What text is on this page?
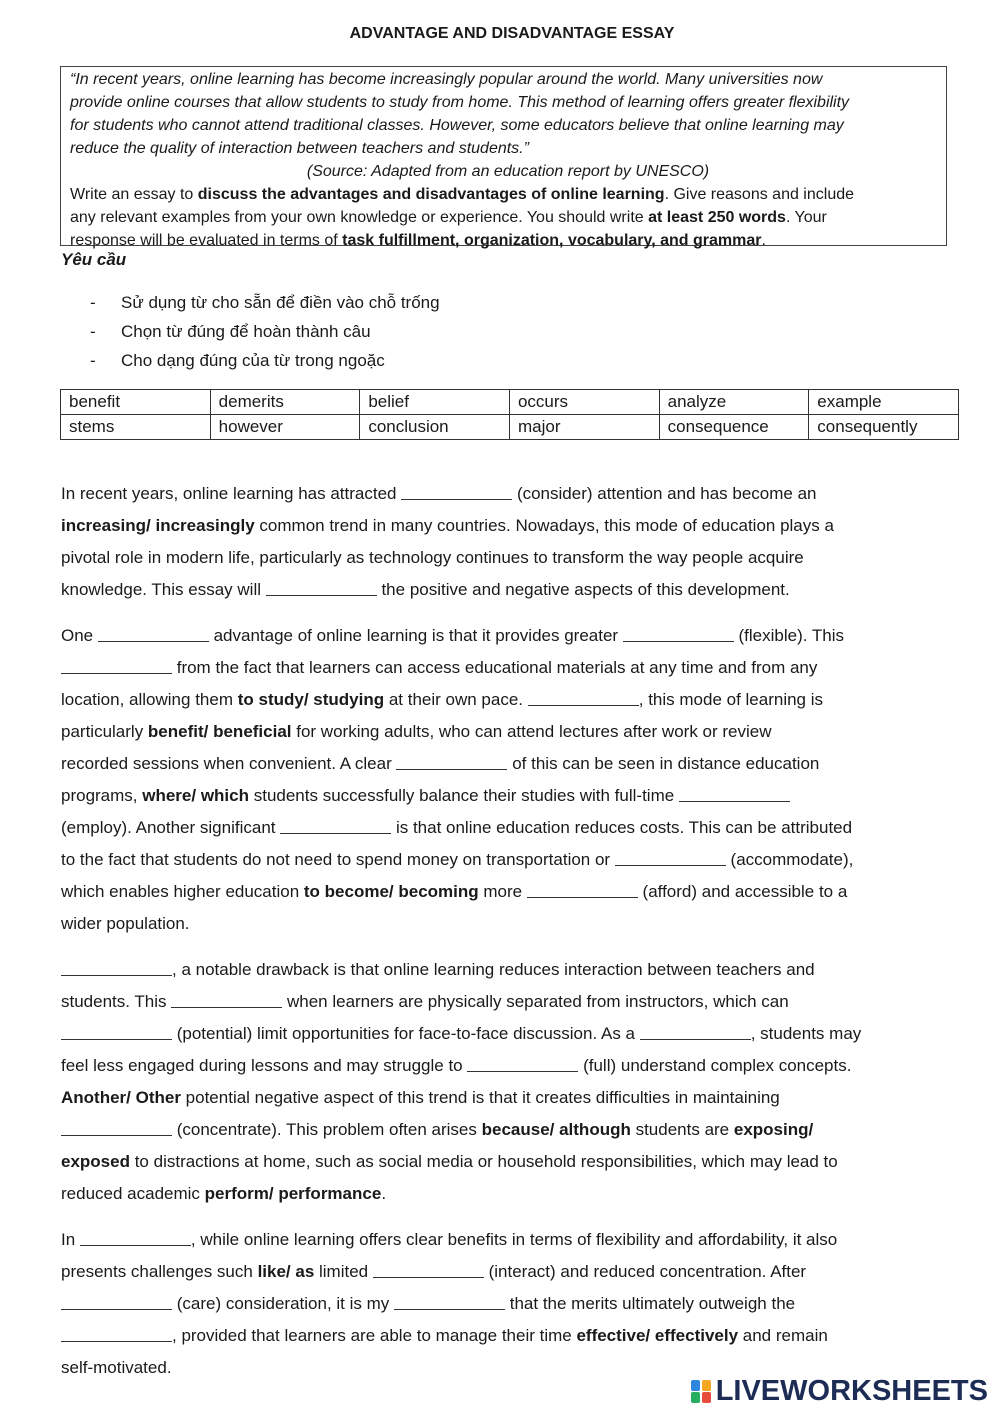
ADVANTAGE AND DISADVANTAGE ESSAY
“In recent years, online learning has become increasingly popular around the world. Many universities now
provide online courses that allow students to study from home. This method of learning offers greater flexibility
for students who cannot attend traditional classes. However, some educators believe that online learning may
reduce the quality of interaction between teachers and students.”
(Source: Adapted from an education report by UNESCO)
Write an essay to discuss the advantages and disadvantages of online learning. Give reasons and include
any relevant examples from your own knowledge or experience. You should write at least 250 words. Your
response will be evaluated in terms of task fulfillment, organization, vocabulary, and grammar.
Yêu cầu
- Sử dụng từ cho sẵn để điền vào chỗ trống
- Chọn từ đúng để hoàn thành câu
- Cho dạng đúng của từ trong ngoặc
benefit	demerits	belief	occurs	analyze	example
stems	however	conclusion	major	consequence	consequently

In recent years, online learning has attracted	(consider) attention and has become an
increasing/ increasingly common trend in many countries. Nowadays, this mode of education plays a
pivotal role in modern life, particularly as technology continues to transform the way people acquire
knowledge. This essay will	the positive and negative aspects of this development.

One	advantage of online learning is that it provides greater	(flexible). This
from the fact that learners can access educational materials at any time and from any
location, allowing them to study/ studying at their own pace.	, this mode of learning is
particularly benefit/ beneficial for working adults, who can attend lectures after work or review
recorded sessions when convenient. A clear	of this can be seen in distance education
programs, where/ which students successfully balance their studies with full-time
(employ). Another significant	is that online education reduces costs. This can be attributed
to the fact that students do not need to spend money on transportation or	(accommodate),
which enables higher education to become/ becoming more	(afford) and accessible to a
wider population.

, a notable drawback is that online learning reduces interaction between teachers and
students. This	when learners are physically separated from instructors, which can
(potential) limit opportunities for face-to-face discussion. As a	, students may
feel less engaged during lessons and may struggle to	(full) understand complex concepts.
Another/ Other potential negative aspect of this trend is that it creates difficulties in maintaining
(concentrate). This problem often arises because/ although students are exposing/
exposed to distractions at home, such as social media or household responsibilities, which may lead to
reduced academic perform/ performance.

In	, while online learning offers clear benefits in terms of flexibility and affordability, it also
presents challenges such like/ as limited	(interact) and reduced concentration. After
(care) consideration, it is my	that the merits ultimately outweigh the
, provided that learners are able to manage their time effective/ effectively and remain
self-motivated.

LIVEWORKSHEETS
